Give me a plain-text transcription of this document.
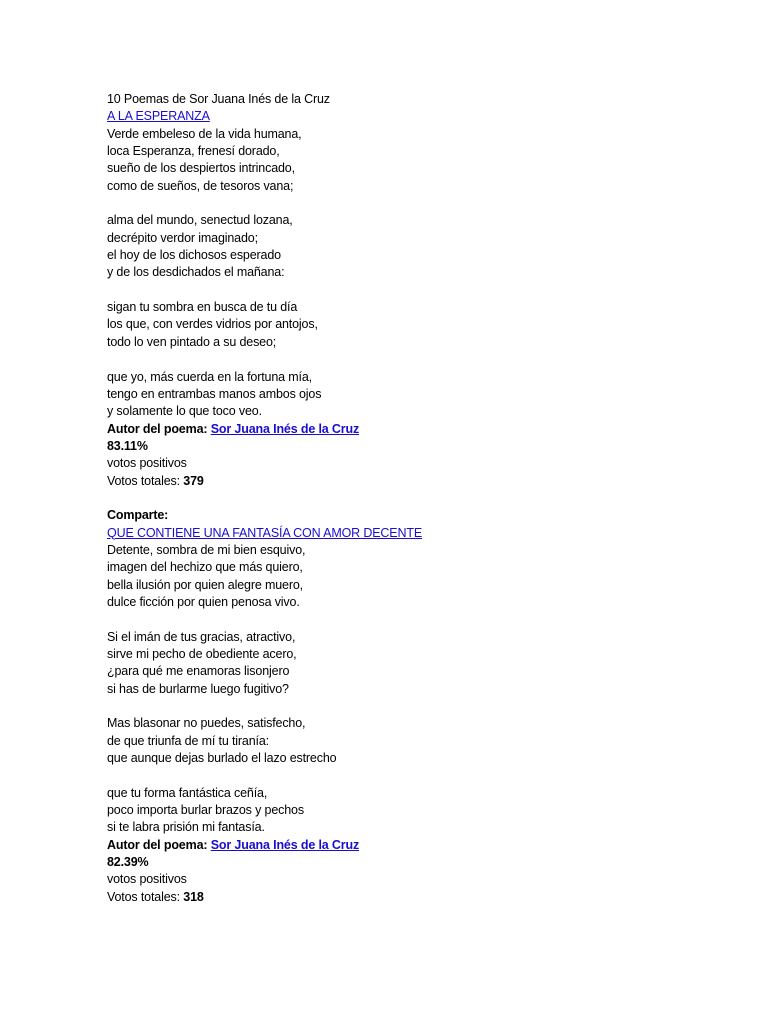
10 Poemas de Sor Juana Inés de la Cruz
A LA ESPERANZA
Verde embeleso de la vida humana,
loca Esperanza, frenesí dorado,
sueño de los despiertos intrincado,
como de sueños, de tesoros vana;
alma del mundo, senectud lozana,
decrépito verdor imaginado;
el hoy de los dichosos esperado
y de los desdichados el mañana:
sigan tu sombra en busca de tu día
los que, con verdes vidrios por antojos,
todo lo ven pintado a su deseo;
que yo, más cuerda en la fortuna mía,
tengo en entrambas manos ambos ojos
y solamente lo que toco veo.
Autor del poema: Sor Juana Inés de la Cruz
83.11%
votos positivos
Votos totales: 379
Comparte:
QUE CONTIENE UNA FANTASÍA CON AMOR DECENTE
Detente, sombra de mi bien esquivo,
imagen del hechizo que más quiero,
bella ilusión por quien alegre muero,
dulce ficción por quien penosa vivo.
Si el imán de tus gracias, atractivo,
sirve mi pecho de obediente acero,
¿para qué me enamoras lisonjero
si has de burlarme luego fugitivo?
Mas blasonar no puedes, satisfecho,
de que triunfa de mí tu tiranía:
que aunque dejas burlado el lazo estrecho
que tu forma fantástica ceñía,
poco importa burlar brazos y pechos
si te labra prisión mi fantasía.
Autor del poema: Sor Juana Inés de la Cruz
82.39%
votos positivos
Votos totales: 318
